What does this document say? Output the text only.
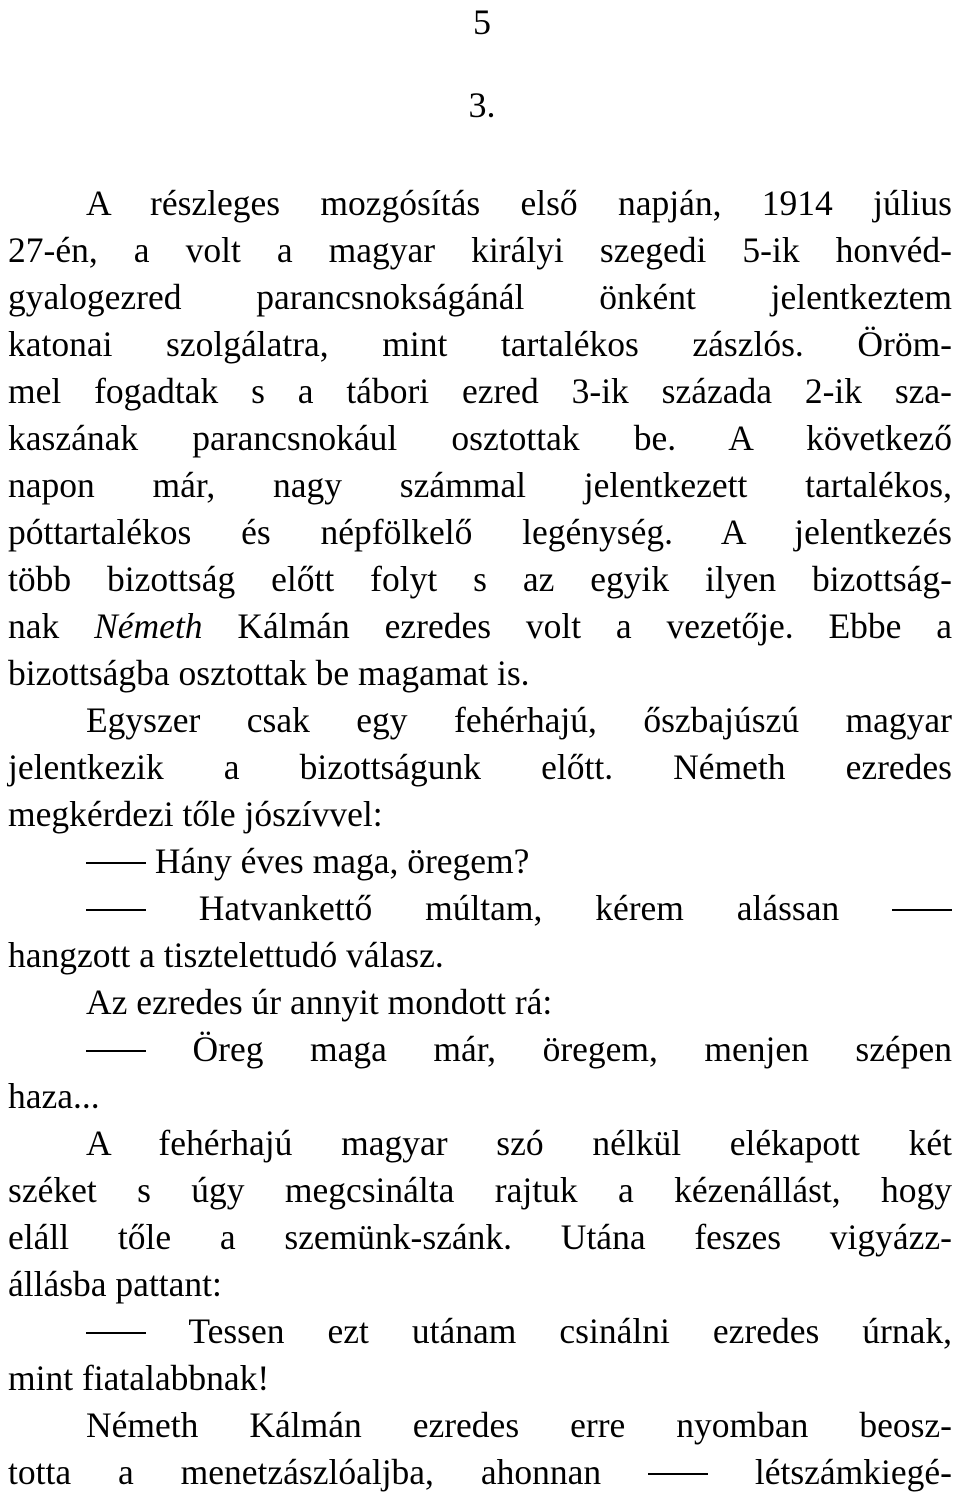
5
3.
A részleges mozgósítás első napján, 1914 július
27-én, a volt a magyar királyi szegedi 5-ik honvéd-
gyalogezred parancsnokságánál önként jelentkeztem
katonai szolgálatra, mint tartalékos zászlós. Öröm-
mel fogadtak s a tábori ezred 3-ik százada 2-ik sza-
kaszának parancsnokául osztottak be. A következő
napon már, nagy számmal jelentkezett tartalékos,
póttartalékos és népfölkelő legénység. A jelentkezés
több bizottság előtt folyt s az egyik ilyen bizottság-
nak Németh Kálmán ezredes volt a vezetője. Ebbe a
bizottságba osztottak be magamat is.
Egyszer csak egy fehérhajú, őszbajúszú magyar
jelentkezik a bizottságunk előtt. Németh ezredes
megkérdezi tőle jószívvel:
Hány éves maga, öregem?
Hatvankettő múltam, kérem alássan
hangzott a tisztelettudó válasz.
Az ezredes úr annyit mondott rá:
Öreg maga már, öregem, menjen szépen
haza...
A fehérhajú magyar szó nélkül elékapott két
széket s úgy megcsinálta rajtuk a kézenállást, hogy
eláll tőle a szemünk-szánk. Utána feszes vigyázz-
állásba pattant:
Tessen ezt utánam csinálni ezredes úrnak,
mint fiatalabbnak!
Németh Kálmán ezredes erre nyomban beosz-
totta a menetzászlóaljba, ahonnan	létszámkiegé-
